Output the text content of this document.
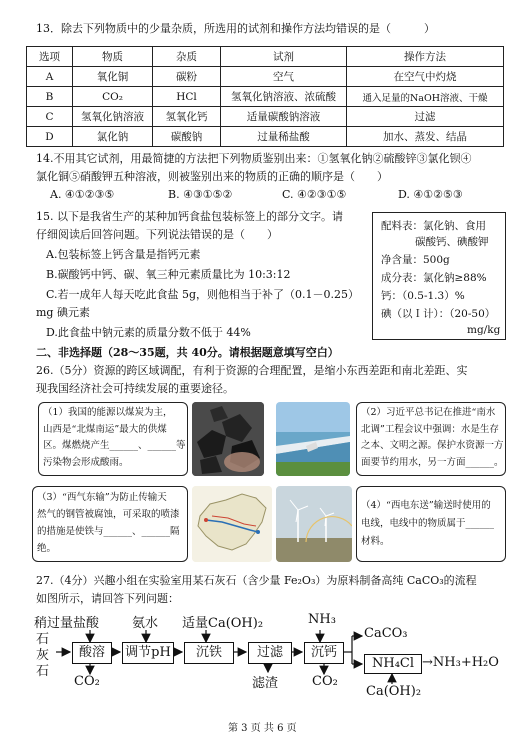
13．除去下列物质中的少量杂质，所选用的试剂和操作方法均错误的是（　　　）
选项	物质	杂质	试剂	操作方法
A	氧化铜	碳粉	空气	在空气中灼烧
B	CO₂	HCl	氢氧化钠溶液、浓硫酸	通入足量的NaOH溶液、干燥
C	氢氧化钠溶液	氢氧化钙	适量碳酸钠溶液	过滤
D	氯化钠	碳酸钠	过量稀盐酸	加水、蒸发、结晶
14.不用其它试剂，用最简捷的方法把下列物质鉴别出来：①氢氧化钠②硫酸锌③氯化钡④
氯化铜⑤硝酸钾五种溶液，则被鉴别出来的物质的正确的顺序是（　　）
A. ④①②③⑤	B. ④③①⑤②	C. ④②③①⑤	D. ④①②⑤③
15. 以下是我省生产的某种加钙食盐包装标签上的部分文字。请
仔细阅读后回答问题。下列说法错误的是（　　）
A.包装标签上钙含量是指钙元素
B.碳酸钙中钙、碳、氧三种元素质量比为 10:3:12
C.若一成年人每天吃此食盐 5g，则他相当于补了（0.1－0.25）
mg 碘元素
D.此食盐中钠元素的质量分数不低于 44%
配料表：氯化钠、食用
碳酸钙、碘酸钾
净含量：500g
成分表：氯化钠≥88%
钙：（0.5-1.3）%
碘（以Ｉ计）：（20-50）
mg/kg
二、非选择题（28～35题，共 40分。请根据题意填写空白）
26.（5分）资源的跨区域调配，有利于资源的合理配置，是缩小东西差距和南北差距、实
现我国经济社会可持续发展的重要途径。
（1）我国的能源以煤炭为主，
山西是“北煤南运”最大的供煤
区。煤燃烧产生______、______等
污染物会形成酸雨。
（2）习近平总书记在推进“南水
北调”工程会议中强调：水是生存
之本、文明之源。保护水资源一方
面要节约用水，另一方面______。
（3）“西气东输”为防止传输天
然气的钢管被腐蚀，可采取的喷漆
的措施是使铁与______、______隔
绝。
（4）“西电东送”输送时使用的
电线，电线中的物质属于______
材料。
27.（4分）兴趣小组在实验室用某石灰石（含少量 Fe₂O₃）为原料制备高纯 CaCO₃的流程
如图所示，请回答下列问题：
稍过量盐酸	氨水 适量Ca(OH)₂	NH₃
石
灰
石
酸溶	调节pH	沉铁	过滤	沉钙
CO₂	滤渣	CO₂
CaCO₃
NH₄Cl →NH₃+H₂O
Ca(OH)₂
第 3 页 共 6 页
